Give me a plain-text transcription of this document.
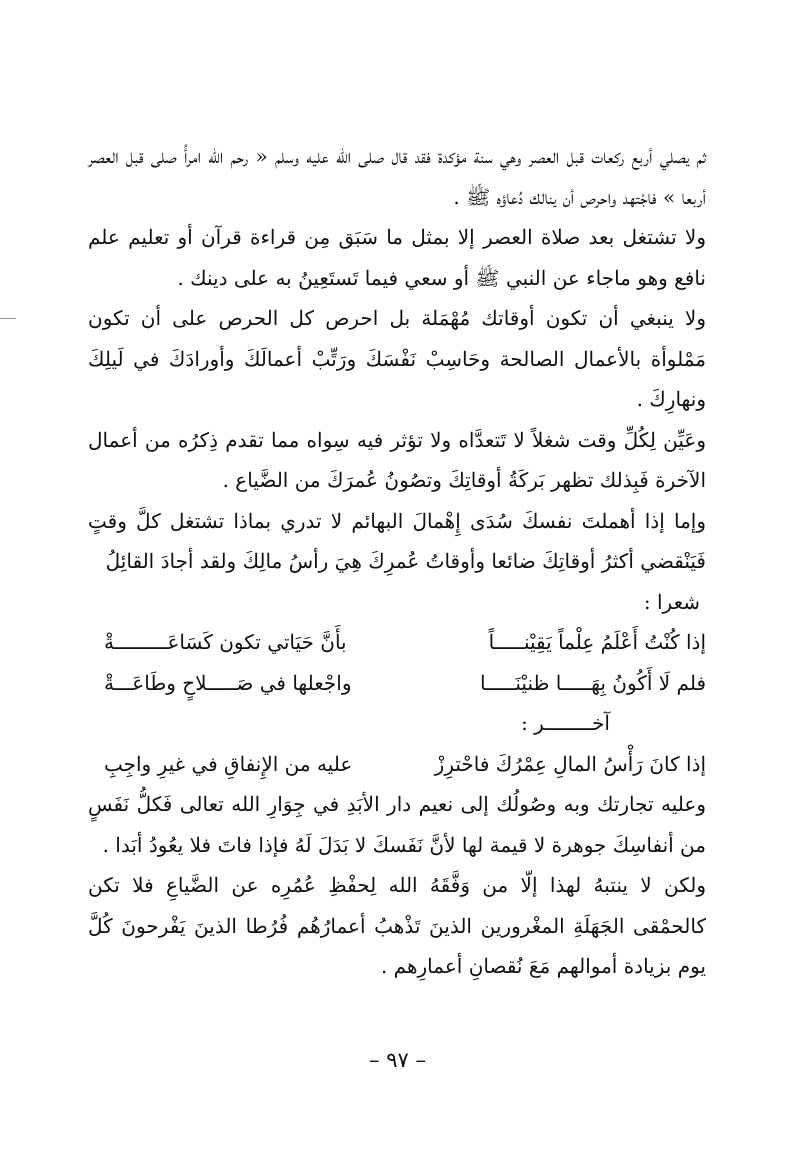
ثم يصلي أربع ركعات قبل العصر وهي سنة مؤكدة فقد قال صلى الله عليه وسلم « رحم الله امرأً صلى قبل العصر أربعا » فاجْتهد واحرص أن ينالك دُعاؤه ﷺ .

ولا تشتغل بعد صلاة العصر إلا بمثل ما سَبَق مِن قراءة قرآن أو تعليم علم نافع وهو ماجاء عن النبي ﷺ أو سعي فيما تَستَعِينُ به على دينك .

ولا ينبغي أن تكون أوقاتك مُهْمَلة بل احرص كل الحرص على أن تكون مَمْلوأة بالأعمال الصالحة وحَاسِبْ نَفْسَكَ ورَتِّبْ أعمالَكَ وأورادَكَ في لَيلِكَ ونهارِكَ .

وعَيِّن لِكُلِّ وقت شغلاً لا تَتعدَّاه ولا تؤثر فيه سِواه مما تقدم ذِكرُه من أعمال الآخرة فَبِذلك تظهر بَركَةُ أوقاتِكَ وتصُونُ عُمرَكَ من الضَّياع .

وإما إذا أهملتَ نفسكَ سُدَى إِهْمالَ البهائم لا تدري بماذا تشتغل كلَّ وقتٍ فَيَنْقضي أكثرُ أوقاتِكَ ضائعا وأوقاتُ عُمرِكَ هِيَ رأسُ مالِكَ ولقد أجادَ القائِلُ

شعرا :

إذا كُنْتُ أَعْلَمُ عِلْماً يَقِيْنـــــاً
بأَنَّ حَيَاتي تكون كَسَاعَـــــــــةْ
فلم لَا أَكُونُ بِهَـــــا ظنيْنَـــــا
واجْعلها في صَـــــلاحٍ وطَاعَـــةْ

آخــــــــر :

إذا كانَ رَأْسُ المالِ عِمْرُكَ فاحْترِزْ
عليه من الإِنفاقِ في غيرِ واجِبِ

وعليه تجارتك وبه وصُولُك إلى نعيم دار الأبَدِ في جِوَارِ الله تعالى فَكلُّ نَفَسٍ من أنفاسِكَ جوهرة لا قيمة لها لأنَّ نَفَسكَ لا بَدَلَ لَهُ فإذا فاتَ فلا يعُودُ أبَدا .

ولكن لا ينتبهُ لهذا إلّا من وَفَّقَهُ الله لِحفْظِ عُمُرِه عن الضَّياعِ فلا تكن كالحمْقى الجَهَلَةِ المغْرورين الذينَ تَذْهبُ أعمارُهُم فُرُطا الذينَ يَفْرحونَ كُلَّ يوم بزيادة أموالهم مَعَ نُقصانِ أعمارِهم .

– ٩٧ –
